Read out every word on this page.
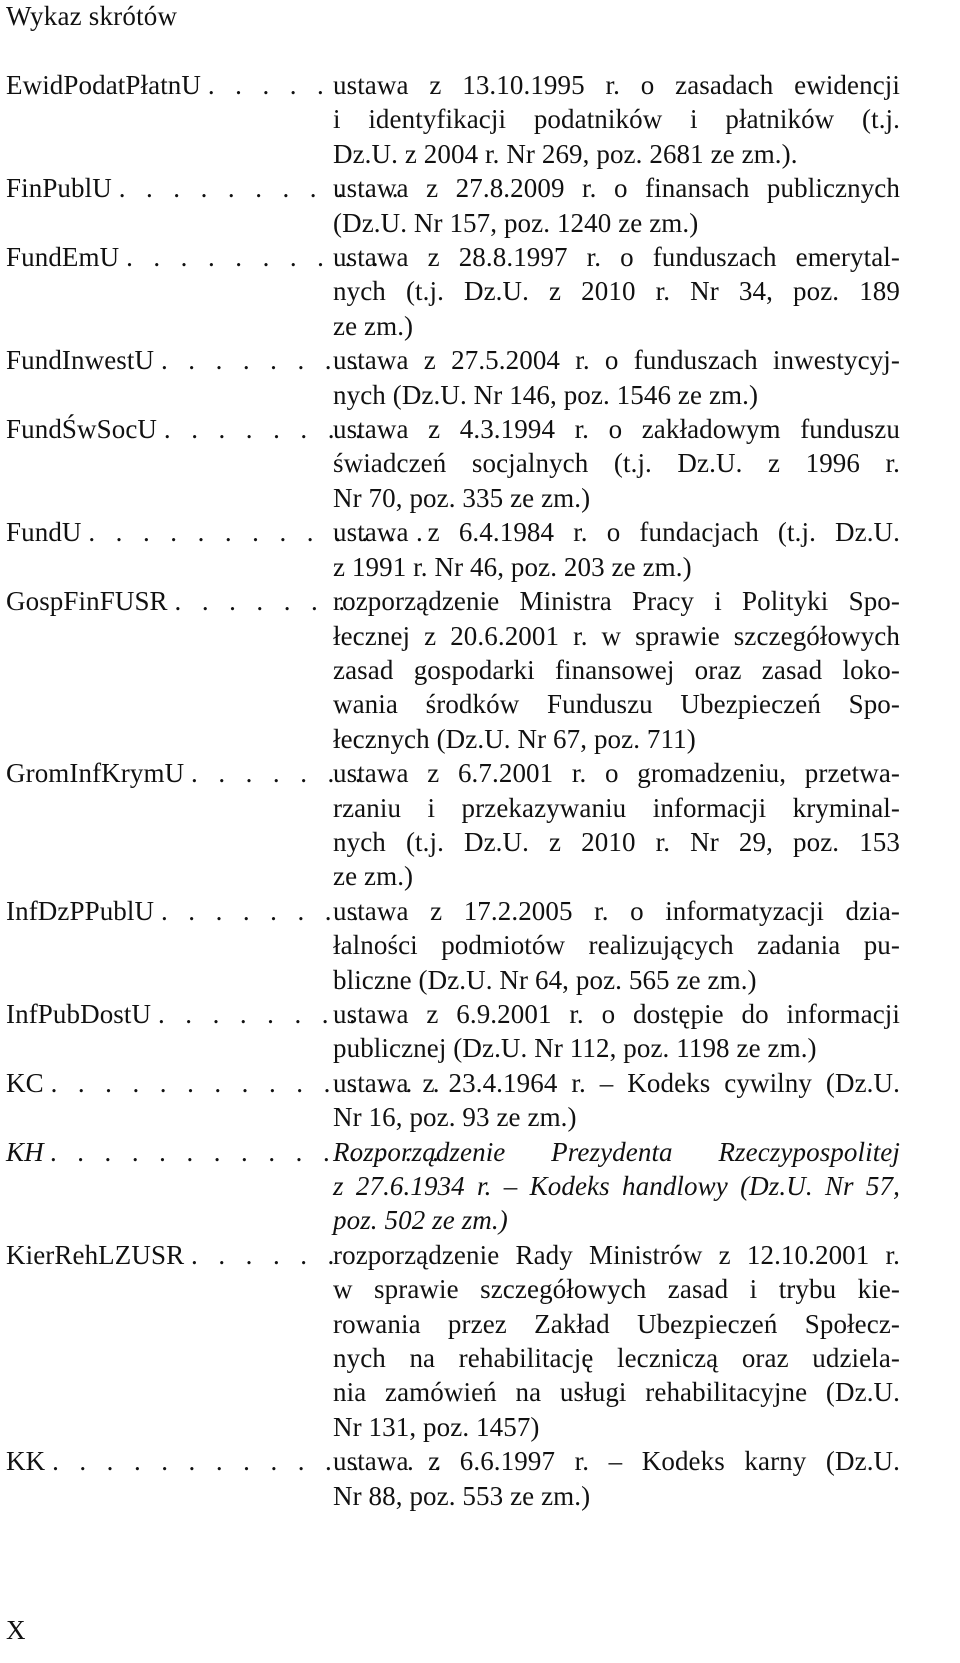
Wykaz skrótów
EwidPodatPłatnU . . . . . ustawa z 13.10.1995 r. o zasadach ewidencji
i identyfikacji podatników i płatników (t.j.
Dz.U. z 2004 r. Nr 269, poz. 2681 ze zm.).
FinPublU . . . . . . . . . . .
ustawa z 27.8.2009 r. o finansach publicznych
(Dz.U. Nr 157, poz. 1240 ze zm.)
FundEmU . . . . . . . . . .
ustawa z 28.8.1997 r. o funduszach emerytal-
nych (t.j. Dz.U. z 2010 r. Nr 34, poz. 189
ze zm.)
FundInwestU . . . . . . . .
ustawa z 27.5.2004 r. o funduszach inwestycyj-
nych (Dz.U. Nr 146, poz. 1546 ze zm.)
FundŚwSocU . . . . . . . .
ustawa z 4.3.1994 r. o zakładowym funduszu
świadczeń socjalnych (t.j. Dz.U. z 1996 r.
Nr 70, poz. 335 ze zm.)
FundU . . . . . . . . . . . . .
ustawa z 6.4.1984 r. o fundacjach (t.j. Dz.U.
z 1991 r. Nr 46, poz. 203 ze zm.)
GospFinFUSR . . . . . . .
rozporządzenie Ministra Pracy i Polityki Spo-
łecznej z 20.6.2001 r. w sprawie szczegółowych
zasad gospodarki finansowej oraz zasad loko-
wania środków Funduszu Ubezpieczeń Spo-
łecznych (Dz.U. Nr 67, poz. 711)
GromInfKrymU . . . . . . .
ustawa z 6.7.2001 r. o gromadzeniu, przetwa-
rzaniu i przekazywaniu informacji kryminal-
nych (t.j. Dz.U. z 2010 r. Nr 29, poz. 153
ze zm.)
InfDzPPublU . . . . . . . .
ustawa z 17.2.2005 r. o informatyzacji dzia-
łalności podmiotów realizujących zadania pu-
bliczne (Dz.U. Nr 64, poz. 565 ze zm.)
InfPubDostU . . . . . . . .
ustawa z 6.9.2001 r. o dostępie do informacji
publicznej (Dz.U. Nr 112, poz. 1198 ze zm.)
KC . . . . . . . . . . . . . . .
ustawa z 23.4.1964 r. – Kodeks cywilny (Dz.U.
Nr 16, poz. 93 ze zm.)
KH . . . . . . . . . . . . . . .
Rozporządzenie Prezydenta Rzeczypospolitej
z 27.6.1934 r. – Kodeks handlowy (Dz.U. Nr 57,
poz. 502 ze zm.)
KierRehLZUSR . . . . . .
rozporządzenie Rady Ministrów z 12.10.2001 r.
w sprawie szczegółowych zasad i trybu kie-
rowania przez Zakład Ubezpieczeń Społecz-
nych na rehabilitację leczniczą oraz udziela-
nia zamówień na usługi rehabilitacyjne (Dz.U.
Nr 131, poz. 1457)
KK . . . . . . . . . . . . . . .
ustawa z 6.6.1997 r. – Kodeks karny (Dz.U.
Nr 88, poz. 553 ze zm.)
X
